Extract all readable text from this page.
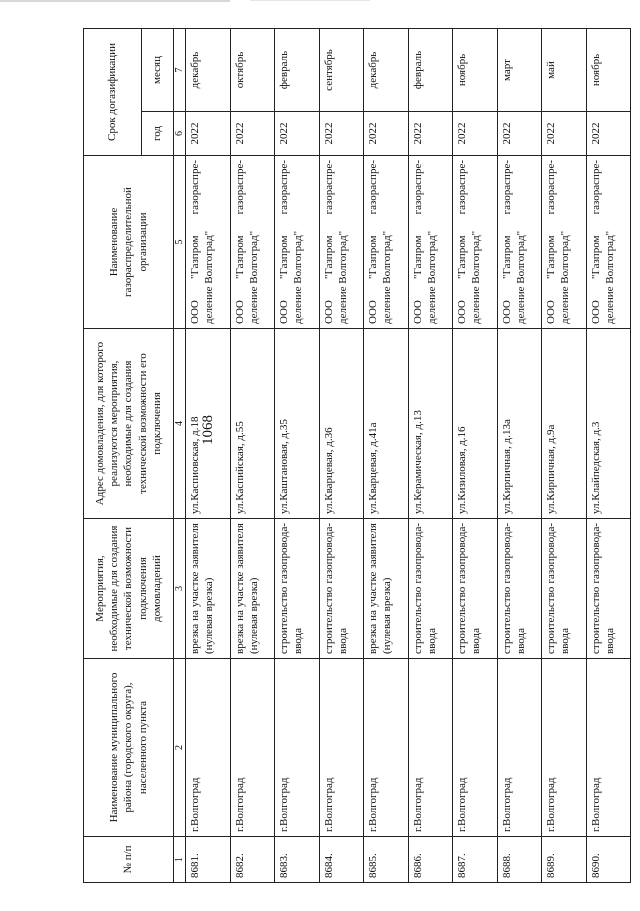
1068
№ п/п	Наименование муниципального района (городского округа), населенного пункта	Мероприятия, необходимые для создания технической возможности подключения домовладений	Адрес домовладения, для которого реализуются мероприятия, необходимые для создания технической возможности его подключения	Наименование газораспределительной организации	Срок догазификации	
					год	месяц
1	2	3	4	5	6	7
8681.	г.Волгоград	врезка на участке заявителя (нулевая врезка)	ул.Каспиовская, д.18	ООО "Газпром газораспре-деление Волгоград"	2022	декабрь
8682.	г.Волгоград	врезка на участке заявителя (нулевая врезка)	ул.Каспийская, д.55	ООО "Газпром газораспре-деление Волгоград"	2022	октябрь
8683.	г.Волгоград	строительство газопровода-ввода	ул.Каштановая, д.35	ООО "Газпром газораспре-деление Волгоград"	2022	февраль
8684.	г.Волгоград	строительство газопровода-ввода	ул.Кварцевая, д.36	ООО "Газпром газораспре-деление Волгоград"	2022	сентябрь
8685.	г.Волгоград	врезка на участке заявителя (нулевая врезка)	ул.Кварцевая, д.41а	ООО "Газпром газораспре-деление Волгоград"	2022	декабрь
8686.	г.Волгоград	строительство газопровода-ввода	ул.Керамическая, д.13	ООО "Газпром газораспре-деление Волгоград"	2022	февраль
8687.	г.Волгоград	строительство газопровода-ввода	ул.Кизиловая, д.16	ООО "Газпром газораспре-деление Волгоград"	2022	ноябрь
8688.	г.Волгоград	строительство газопровода-ввода	ул.Кирпичная, д.13а	ООО "Газпром газораспре-деление Волгоград"	2022	март
8689.	г.Волгоград	строительство газопровода-ввода	ул.Кирпичная, д.9а	ООО "Газпром газораспре-деление Волгоград"	2022	май
8690.	г.Волгоград	строительство газопровода-ввода	ул.Клайпедская, д.3	ООО "Газпром газораспре-деление Волгоград"	2022	ноябрь
